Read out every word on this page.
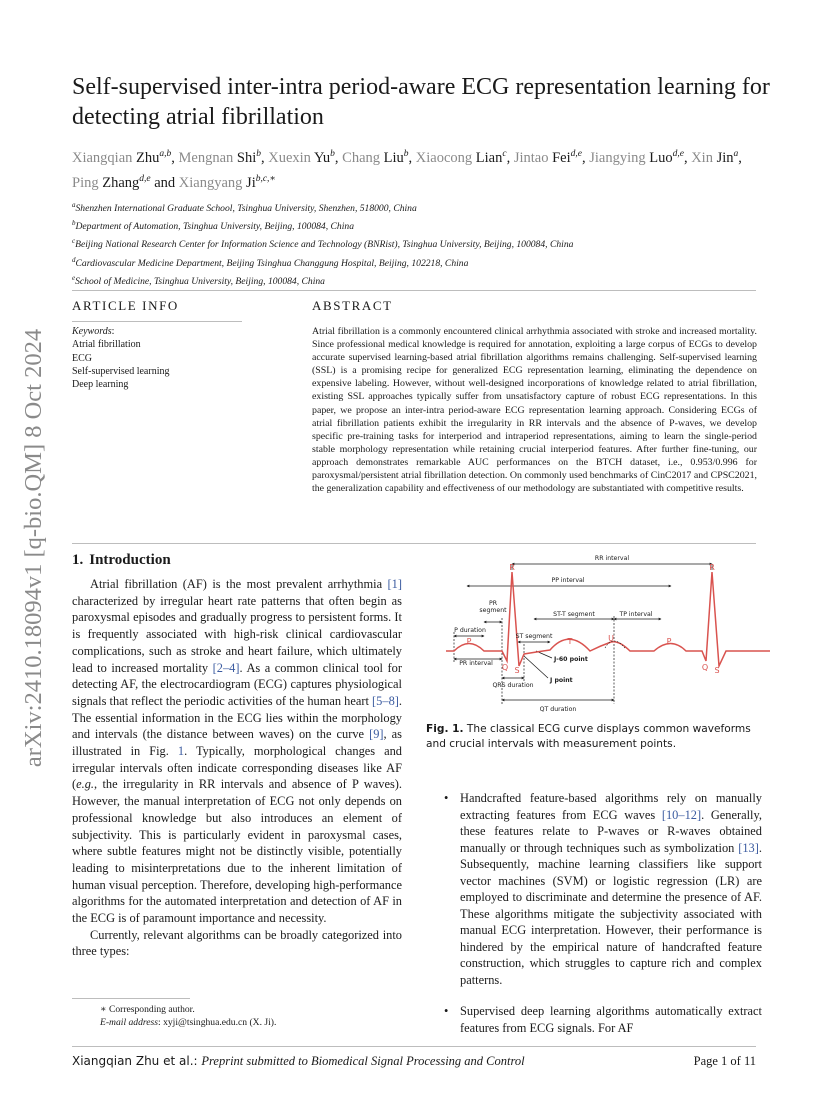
arXiv:2410.18094v1 [q-bio.QM] 8 Oct 2024
Self-supervised inter-intra period-aware ECG representation learning for detecting atrial fibrillation
Xiangqian Zhu$^{a,b}$, Mengnan Shi$^b$, Xuexin Yu$^b$, Chang Liu$^b$, Xiaocong Lian$^c$, Jintao Fei$^{d,e}$, Jiangying Luo$^{d,e}$, Xin Jin$^a$, Ping Zhang$^{d,e}$ and Xiangyang $Ji^{b,c,∗}$
$^a$Shenzhen International Graduate School, Tsinghua University, Shenzhen, 518000, China
$^b$Department of Automation, Tsinghua University, Beijing, 100084, China
$^c$Beijing National Research Center for Information Science and Technology (BNRist), Tsinghua University, Beijing, 100084, China
$^d$Cardiovascular Medicine Department, Beijing Tsinghua Changgung Hospital, Beijing, 102218, China
$^e$School of Medicine, Tsinghua University, Beijing, 100084, China
ARTICLE INFO
Keywords:
Atrial fibrillation
ECG
Self-supervised learning
Deep learning
ABSTRACT

Atrial fibrillation is a commonly encountered clinical arrhythmia associated with stroke and increased mortality. Since professional medical knowledge is required for annotation, exploiting a large corpus of ECGs to develop accurate supervised learning-based atrial fibrillation algorithms remains challenging. Self-supervised learning (SSL) is a promising recipe for generalized ECG representation learning, eliminating the dependence on expensive labeling. However, without well-designed incorporations of knowledge related to atrial fibrillation, existing SSL approaches typically suffer from unsatisfactory capture of robust ECG representations. In this paper, we propose an inter-intra period-aware ECG representation learning approach. Considering ECGs of atrial fibrillation patients exhibit the irregularity in RR intervals and the absence of P-waves, we develop specific pre-training tasks for interperiod and intraperiod representations, aiming to learn the single-period stable morphology representation while retaining crucial interperiod features. After further fine-tuning, our approach demonstrates remarkable AUC performances on the BTCH dataset, i.e., 0.953/0.996 for paroxysmal/persistent atrial fibrillation detection. On commonly used benchmarks of CinC2017 and CPSC2021, the generalization capability and effectiveness of our methodology are substantiated with competitive results.

1. Introduction

Atrial fibrillation (AF) is the most prevalent arrhythmia [1] characterized by irregular heart rate patterns that often begin as paroxysmal episodes and gradually progress to persistent forms. It is frequently associated with high-risk clinical cardiovascular complications, such as stroke and heart failure, which ultimately lead to increased mortality [2–4]. As a common clinical tool for detecting AF, the electrocardiogram (ECG) captures physiological signals that reflect the periodic activities of the human heart [5–8]. The essential information in the ECG lies within the morphology and intervals (the distance between waves) on the curve [9], as illustrated in Fig. 1. Typically, morphological changes and irregular intervals often indicate corresponding diseases like AF (e.g., the irregularity in RR intervals and absence of P waves). However, the manual interpretation of ECG not only depends on professional knowledge but also introduces an element of subjectivity. This is particularly evident in paroxysmal cases, where subtle features might not be distinctly visible, potentially leading to misinterpretations due to the inherent limitation of human visual perception. Therefore, developing high-performance algorithms for the automated interpretation and detection of AF in the ECG is of paramount importance and necessity.

Currently, relevant algorithms can be broadly categorized into three types:

∗ Corresponding author.
E-mail address: xyji@tsinghua.edu.cn (X. Ji).
RR interval
PP interval
PR
segment
ST-T segment	TP interval
P duration
ST segment
PR interval
J-60 point
J point
QRS duration
QT duration
R	R
P	P
Q S	Q S
T	U
Fig. 1. The classical ECG curve displays common waveforms and crucial intervals with measurement points.
• Handcrafted feature-based algorithms rely on manually extracting features from ECG waves [10–12]. Generally, these features relate to P-waves or R-waves obtained manually or through techniques such as symbolization [13]. Subsequently, machine learning classifiers like support vector machines (SVM) or logistic regression (LR) are employed to discriminate and determine the presence of AF. These algorithms mitigate the subjectivity associated with manual ECG interpretation. However, their performance is hindered by the empirical nature of handcrafted feature construction, which struggles to capture rich and complex patterns.
• Supervised deep learning algorithms automatically extract features from ECG signals. For AF
Xiangqian Zhu et al.: Preprint submitted to Biomedical Signal Processing and Control	Page 1 of 11
